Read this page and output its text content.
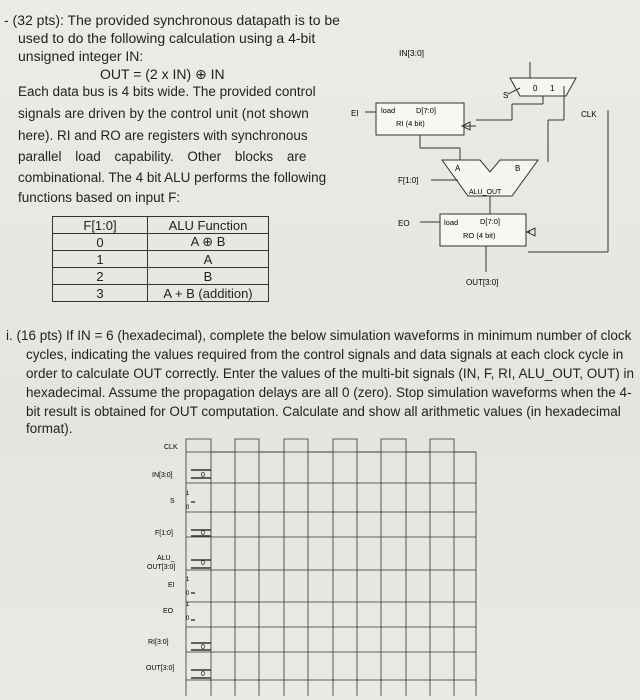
- (32 pts): The provided synchronous datapath is to be
used to do the following calculation using a 4-bit
unsigned integer IN:
OUT = (2 x IN) ⊕ IN
Each data bus is 4 bits wide. The provided control
signals are driven by the control unit (not shown
here). RI and RO are registers with synchronous
parallel load capability. Other blocks are
combinational. The 4 bit ALU performs the following
functions based on input F:
F[1:0]	ALU Function
0	A ⊕ B
1	A
2	B
3	A + B (addition)
IN[3:0]
S
0 1
CLK
EI	load	D[7:0]
RI (4 bit)
F[1:0]
A	B
ALU_OUT
EO	load	D[7:0]
RO (4 bit)
OUT[3:0]
i. (16 pts) If IN = 6 (hexadecimal), complete the below simulation waveforms in minimum number of clock
cycles, indicating the values required from the control signals and data signals at each clock cycle in
order to calculate OUT correctly. Enter the values of the multi-bit signals (IN, F, RI, ALU_OUT, OUT) in
hexadecimal. Assume the propagation delays are all 0 (zero). Stop simulation waveforms when the 4-
bit result is obtained for OUT computation. Calculate and show all arithmetic values (in hexadecimal
format).
CLK
IN[3:0]
S
F[1:0]
ALU_
OUT[3:0]
EI
EO
RI[3:0]
OUT[3:0]
0
1
0
0
0
1
0
1
0
0
0
